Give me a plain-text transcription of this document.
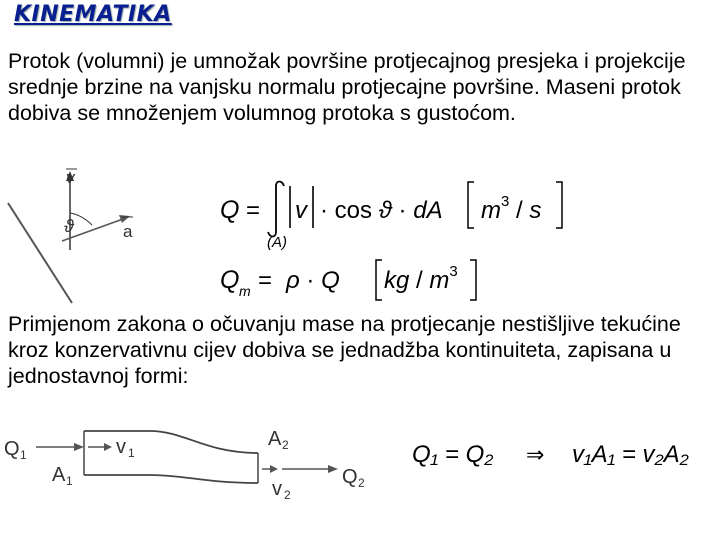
KINEMATIKA
Protok (volumni) je umnožak površine protjecajnog presjeka i projekcije srednje brzine na vanjsku normalu protjecajne površine. Maseni protok dobiva se množenjem volumnog protoka s gustoćom.
v
ϑ	a
Q =
(A)
v · cos ϑ · dA $m^3$ / s
Q m = ρ · Q kg / $m^3$
Primjenom zakona o očuvanju mase na protjecanje nestišljive tekućine kroz konzervativnu cijev dobiva se jednadžba kontinuiteta, zapisana u jednostavnoj formi:
Q 1	v 1
A 1
A 2
v 2
Q 2
Q₁ = Q₂ ⇒ v₁A₁ = v₂A₂
